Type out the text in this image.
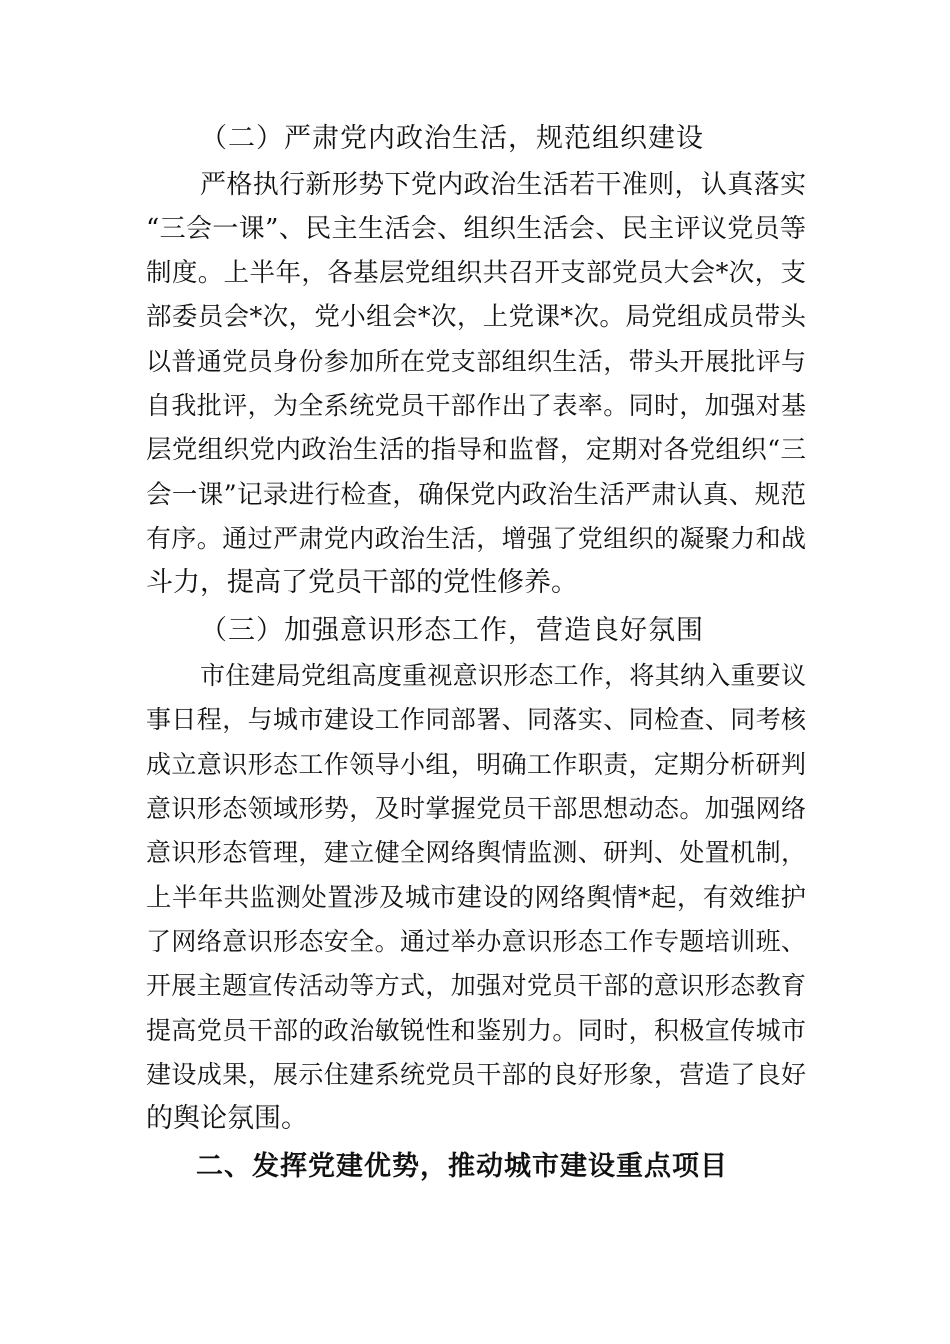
（二）严肃党内政治生活，规范组织建设

严格执行新形势下党内政治生活若干准则，认真落实

“三会一课”、民主生活会、组织生活会、民主评议党员等

制度。上半年，各基层党组织共召开支部党员大会*次，支

部委员会*次，党小组会*次，上党课*次。局党组成员带头

以普通党员身份参加所在党支部组织生活，带头开展批评与

自我批评，为全系统党员干部作出了表率。同时，加强对基

层党组织党内政治生活的指导和监督，定期对各党组织“三

会一课”记录进行检查，确保党内政治生活严肃认真、规范

有序。通过严肃党内政治生活，增强了党组织的凝聚力和战

斗力，提高了党员干部的党性修养。

（三）加强意识形态工作，营造良好氛围

市住建局党组高度重视意识形态工作，将其纳入重要议

事日程，与城市建设工作同部署、同落实、同检查、同考核

成立意识形态工作领导小组，明确工作职责，定期分析研判

意识形态领域形势，及时掌握党员干部思想动态。加强网络

意识形态管理，建立健全网络舆情监测、研判、处置机制，

上半年共监测处置涉及城市建设的网络舆情*起，有效维护

了网络意识形态安全。通过举办意识形态工作专题培训班、

开展主题宣传活动等方式，加强对党员干部的意识形态教育

提高党员干部的政治敏锐性和鉴别力。同时，积极宣传城市

建设成果，展示住建系统党员干部的良好形象，营造了良好

的舆论氛围。

二、发挥党建优势，推动城市建设重点项目
